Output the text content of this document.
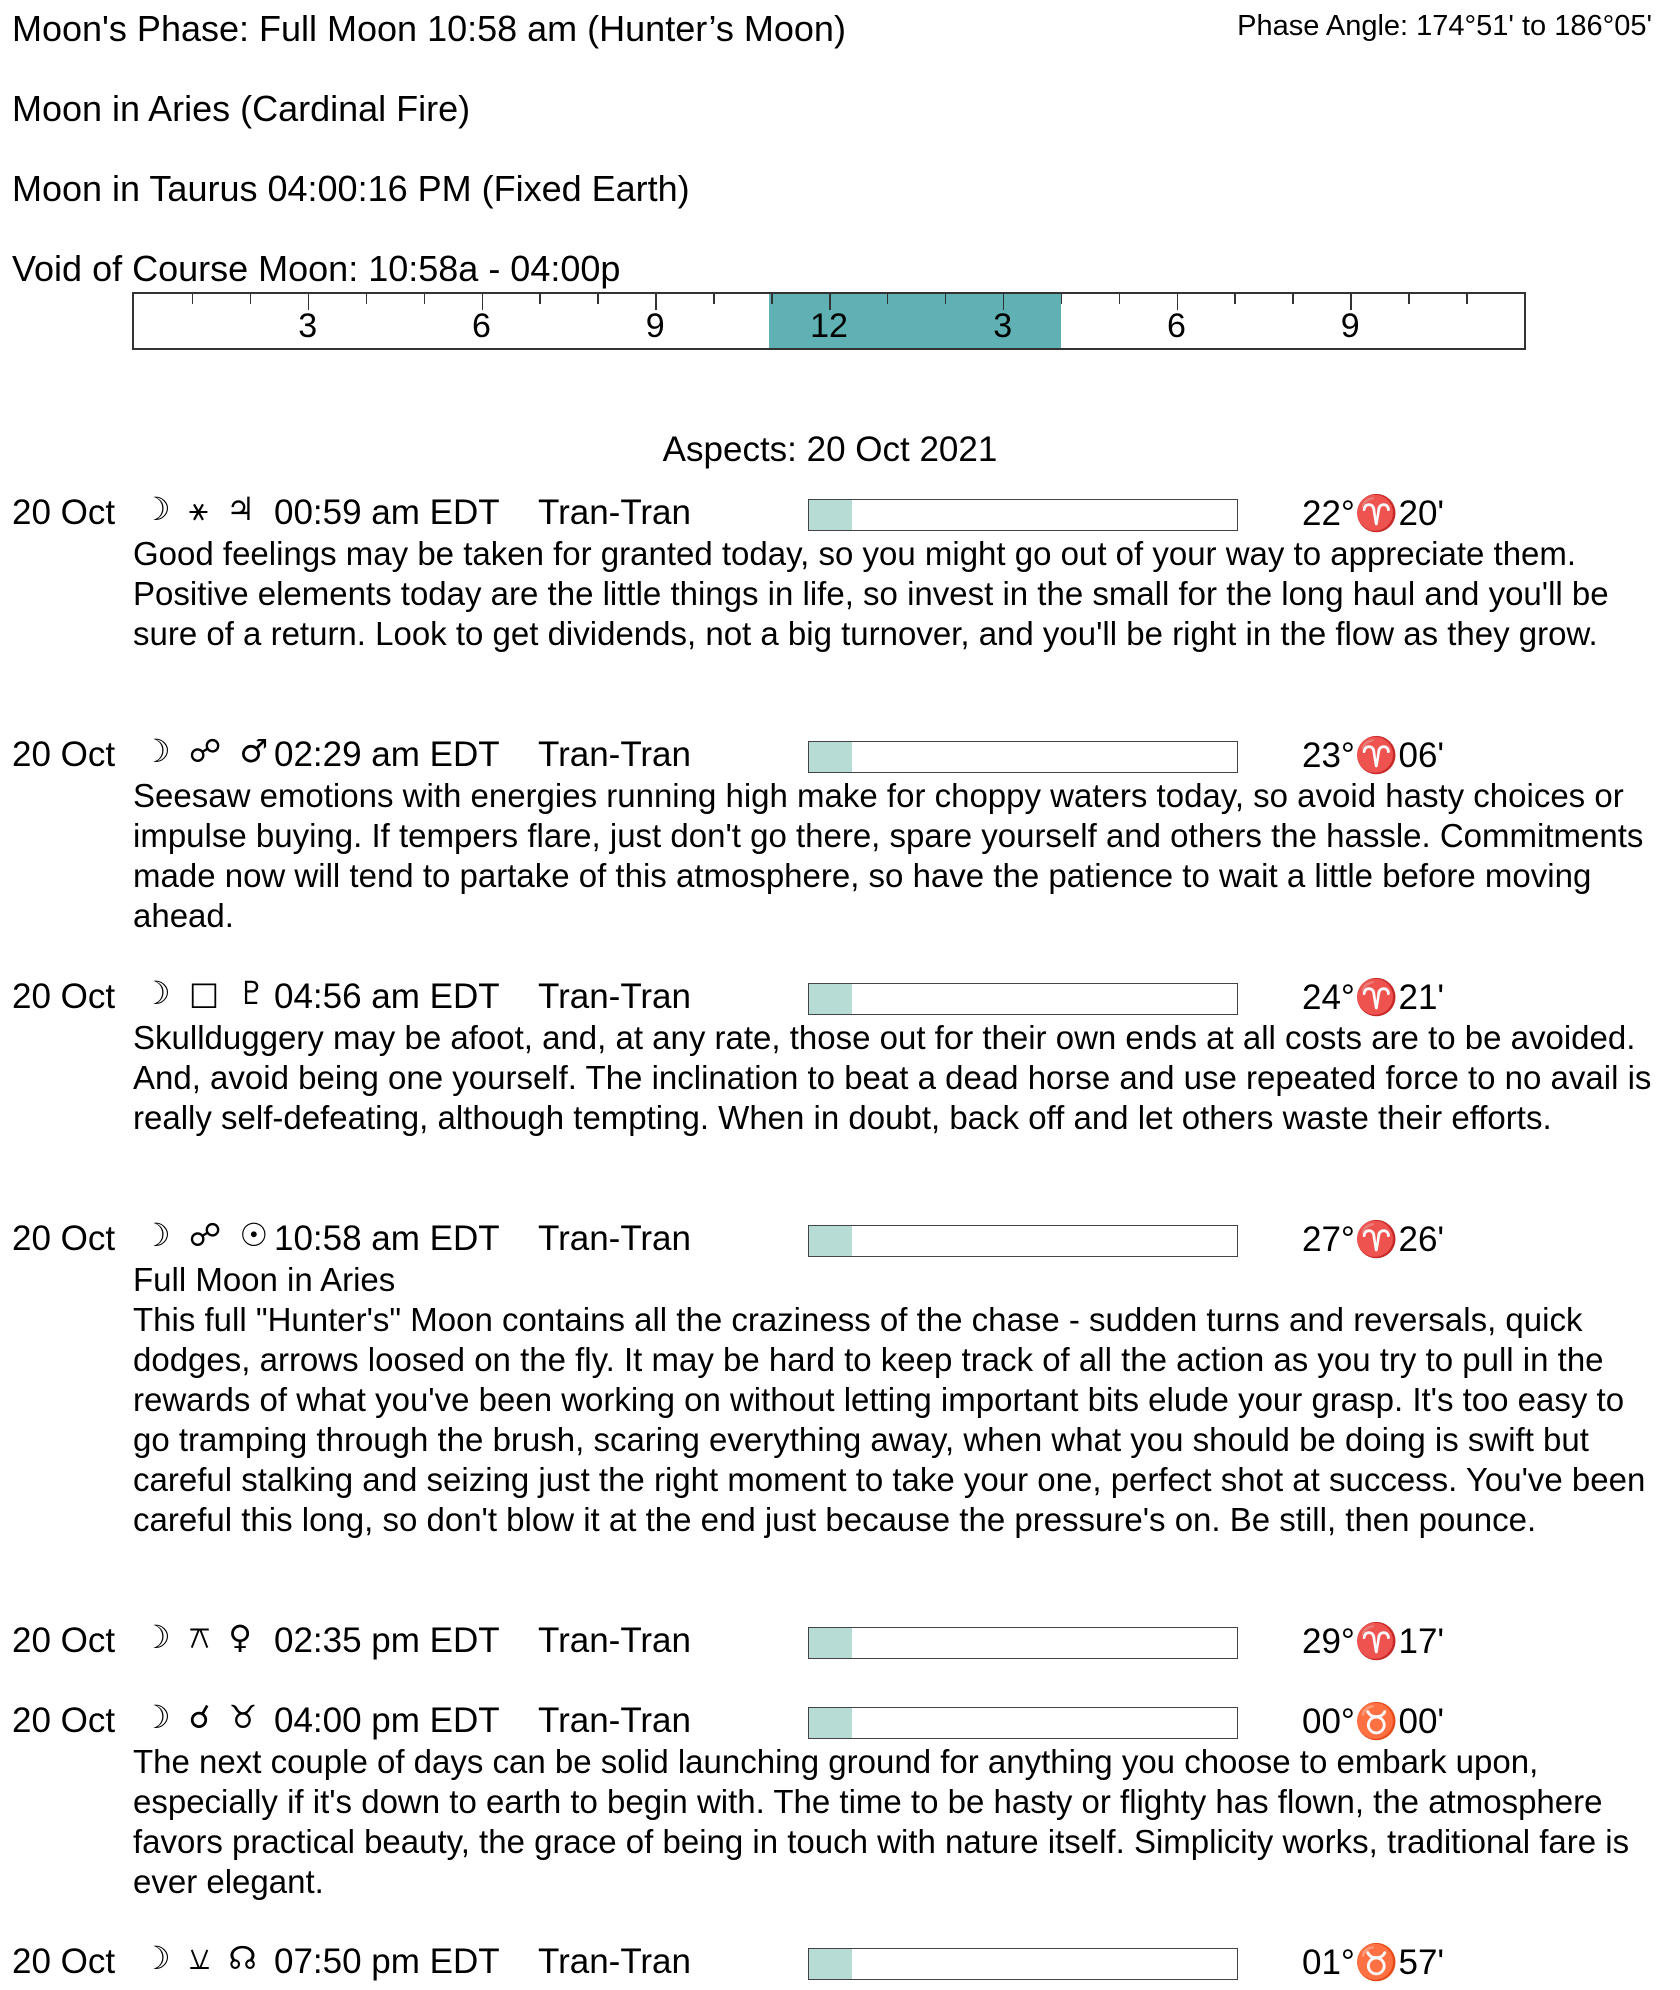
Moon's Phase: Full Moon 10:58 am (Hunter’s Moon)	Phase Angle: 174°51' to 186°05'
Moon in Aries (Cardinal Fire)
Moon in Taurus 04:00:16 PM (Fixed Earth)
Void of Course Moon: 10:58a - 04:00p
3	6	9	12	3	6	9
Aspects: 20 Oct 2021
20 Oct ☽ ⚹ ♃ 00:59 am EDT Tran-Tran	22°♈20'

Good feelings may be taken for granted today, so you might go out of your way to appreciate them. Positive elements today are the little things in life, so invest in the small for the long haul and you'll be sure of a return. Look to get dividends, not a big turnover, and you'll be right in the flow as they grow.

20 Oct ☽ ☍ ♂ 02:29 am EDT Tran-Tran	23°♈06'

Seesaw emotions with energies running high make for choppy waters today, so avoid hasty choices or impulse buying. If tempers flare, just don't go there, spare yourself and others the hassle. Commitments made now will tend to partake of this atmosphere, so have the patience to wait a little before moving ahead.

20 Oct ☽ □ ♇ 04:56 am EDT Tran-Tran	24°♈21'

Skullduggery may be afoot, and, at any rate, those out for their own ends at all costs are to be avoided. And, avoid being one yourself. The inclination to beat a dead horse and use repeated force to no avail is really self-defeating, although tempting. When in doubt, back off and let others waste their efforts.

20 Oct ☽ ☍ ☉ 10:58 am EDT Tran-Tran	27°♈26'

Full Moon in Aries

This full "Hunter's" Moon contains all the craziness of the chase - sudden turns and reversals, quick dodges, arrows loosed on the fly. It may be hard to keep track of all the action as you try to pull in the rewards of what you've been working on without letting important bits elude your grasp. It's too easy to go tramping through the brush, scaring everything away, when what you should be doing is swift but careful stalking and seizing just the right moment to take your one, perfect shot at success. You've been careful this long, so don't blow it at the end just because the pressure's on. Be still, then pounce.

20 Oct ☽ ⚻ ♀ 02:35 pm EDT Tran-Tran	29°♈17'
20 Oct ☽ ☌ ♉ 04:00 pm EDT Tran-Tran	00°♉00'

The next couple of days can be solid launching ground for anything you choose to embark upon, especially if it's down to earth to begin with. The time to be hasty or flighty has flown, the atmosphere favors practical beauty, the grace of being in touch with nature itself. Simplicity works, traditional fare is ever elegant.

20 Oct ☽ ⚺ ☊ 07:50 pm EDT Tran-Tran	01°♉57'
